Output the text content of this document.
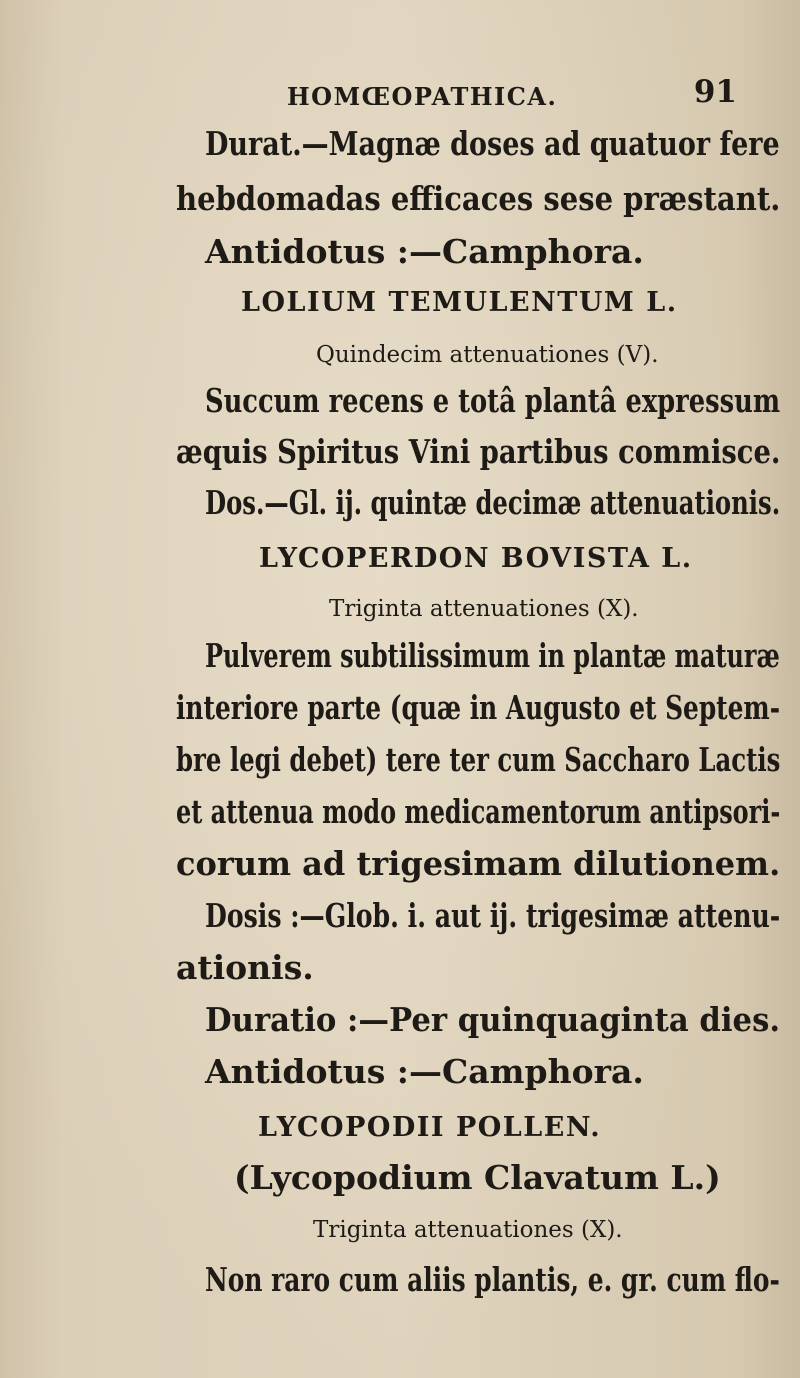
HOMŒOPATHICA.	91
Durat.—Magnæ doses ad quatuor fere
hebdomadas efficaces sese præstant.
Antidotus :—Camphora.
LOLIUM TEMULENTUM L.
Quindecim attenuationes (V).
Succum recens e totâ plantâ expressum
æquis Spiritus Vini partibus commisce.
Dos.—Gl. ij. quintæ decimæ attenuationis.
LYCOPERDON BOVISTA L.
Triginta attenuationes (X).
Pulverem subtilissimum in plantæ maturæ
interiore parte (quæ in Augusto et Septem-
bre legi debet) tere ter cum Saccharo Lactis
et attenua modo medicamentorum antipsori-
corum ad trigesimam dilutionem.
Dosis :—Glob. i. aut ij. trigesimæ attenu-
ationis.
Duratio :—Per quinquaginta dies.
Antidotus :—Camphora.
LYCOPODII POLLEN.
(Lycopodium Clavatum L.)
Triginta attenuationes (X).
Non raro cum aliis plantis, e. gr. cum flo-
